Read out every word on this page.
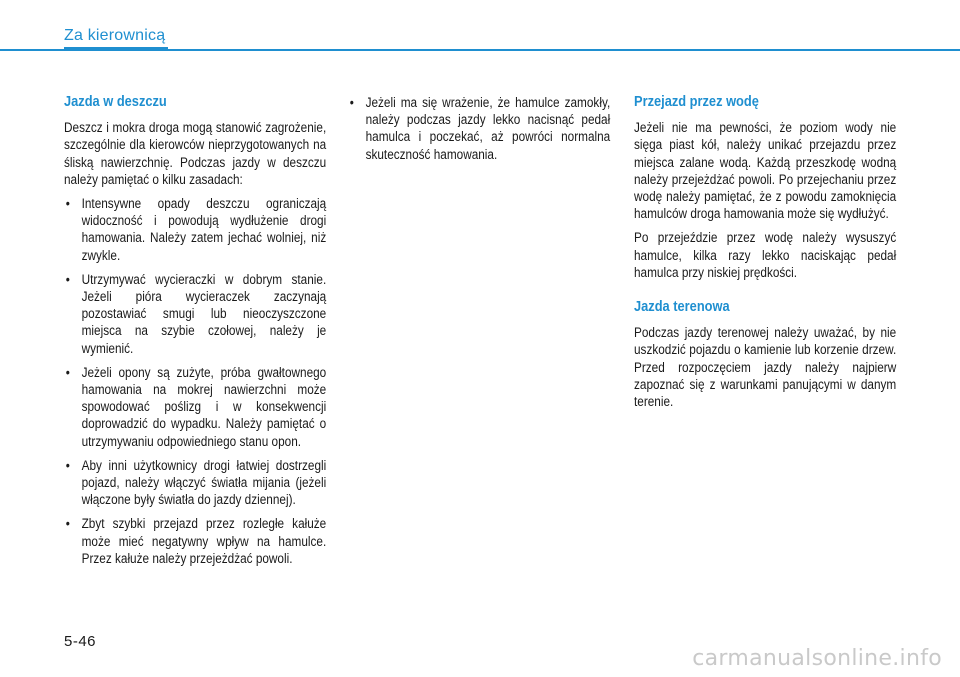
Za kierownicą
Jazda w deszczu

Deszcz i mokra droga mogą stanowić zagrożenie, szczególnie dla kierowców nieprzygotowanych na śliską nawierzchnię. Podczas jazdy w deszczu należy pamiętać o kilku zasadach:

• Intensywne opady deszczu ograniczają widoczność i powodują wydłużenie drogi hamowania. Należy zatem jechać wolniej, niż zwykle.
• Utrzymywać wycieraczki w dobrym stanie. Jeżeli pióra wycieraczek zaczynają pozostawiać smugi lub nieoczyszczone miejsca na szybie czołowej, należy je wymienić.
• Jeżeli opony są zużyte, próba gwałtownego hamowania na mokrej nawierzchni może spowodować poślizg i w konsekwencji doprowadzić do wypadku. Należy pamiętać o utrzymywaniu odpowiedniego stanu opon.
• Aby inni użytkownicy drogi łatwiej dostrzegli pojazd, należy włączyć światła mijania (jeżeli włączone były światła do jazdy dziennej).
• Zbyt szybki przejazd przez rozległe kałuże może mieć negatywny wpływ na hamulce. Przez kałuże należy przejeżdżać powoli.
• Jeżeli ma się wrażenie, że hamulce zamokły, należy podczas jazdy lekko nacisnąć pedał hamulca i poczekać, aż powróci normalna skuteczność hamowania.
Przejazd przez wodę

Jeżeli nie ma pewności, że poziom wody nie sięga piast kół, należy unikać przejazdu przez miejsca zalane wodą. Każdą przeszkodę wodną należy przejeżdżać powoli. Po przejechaniu przez wodę należy pamiętać, że z powodu zamoknięcia hamulców droga hamowania może się wydłużyć.

Po przejeździe przez wodę należy wysuszyć hamulce, kilka razy lekko naciskając pedał hamulca przy niskiej prędkości.

Jazda terenowa

Podczas jazdy terenowej należy uważać, by nie uszkodzić pojazdu o kamienie lub korzenie drzew. Przed rozpoczęciem jazdy należy najpierw zapoznać się z warunkami panującymi w danym terenie.

5-46
carmanualsonline.info
